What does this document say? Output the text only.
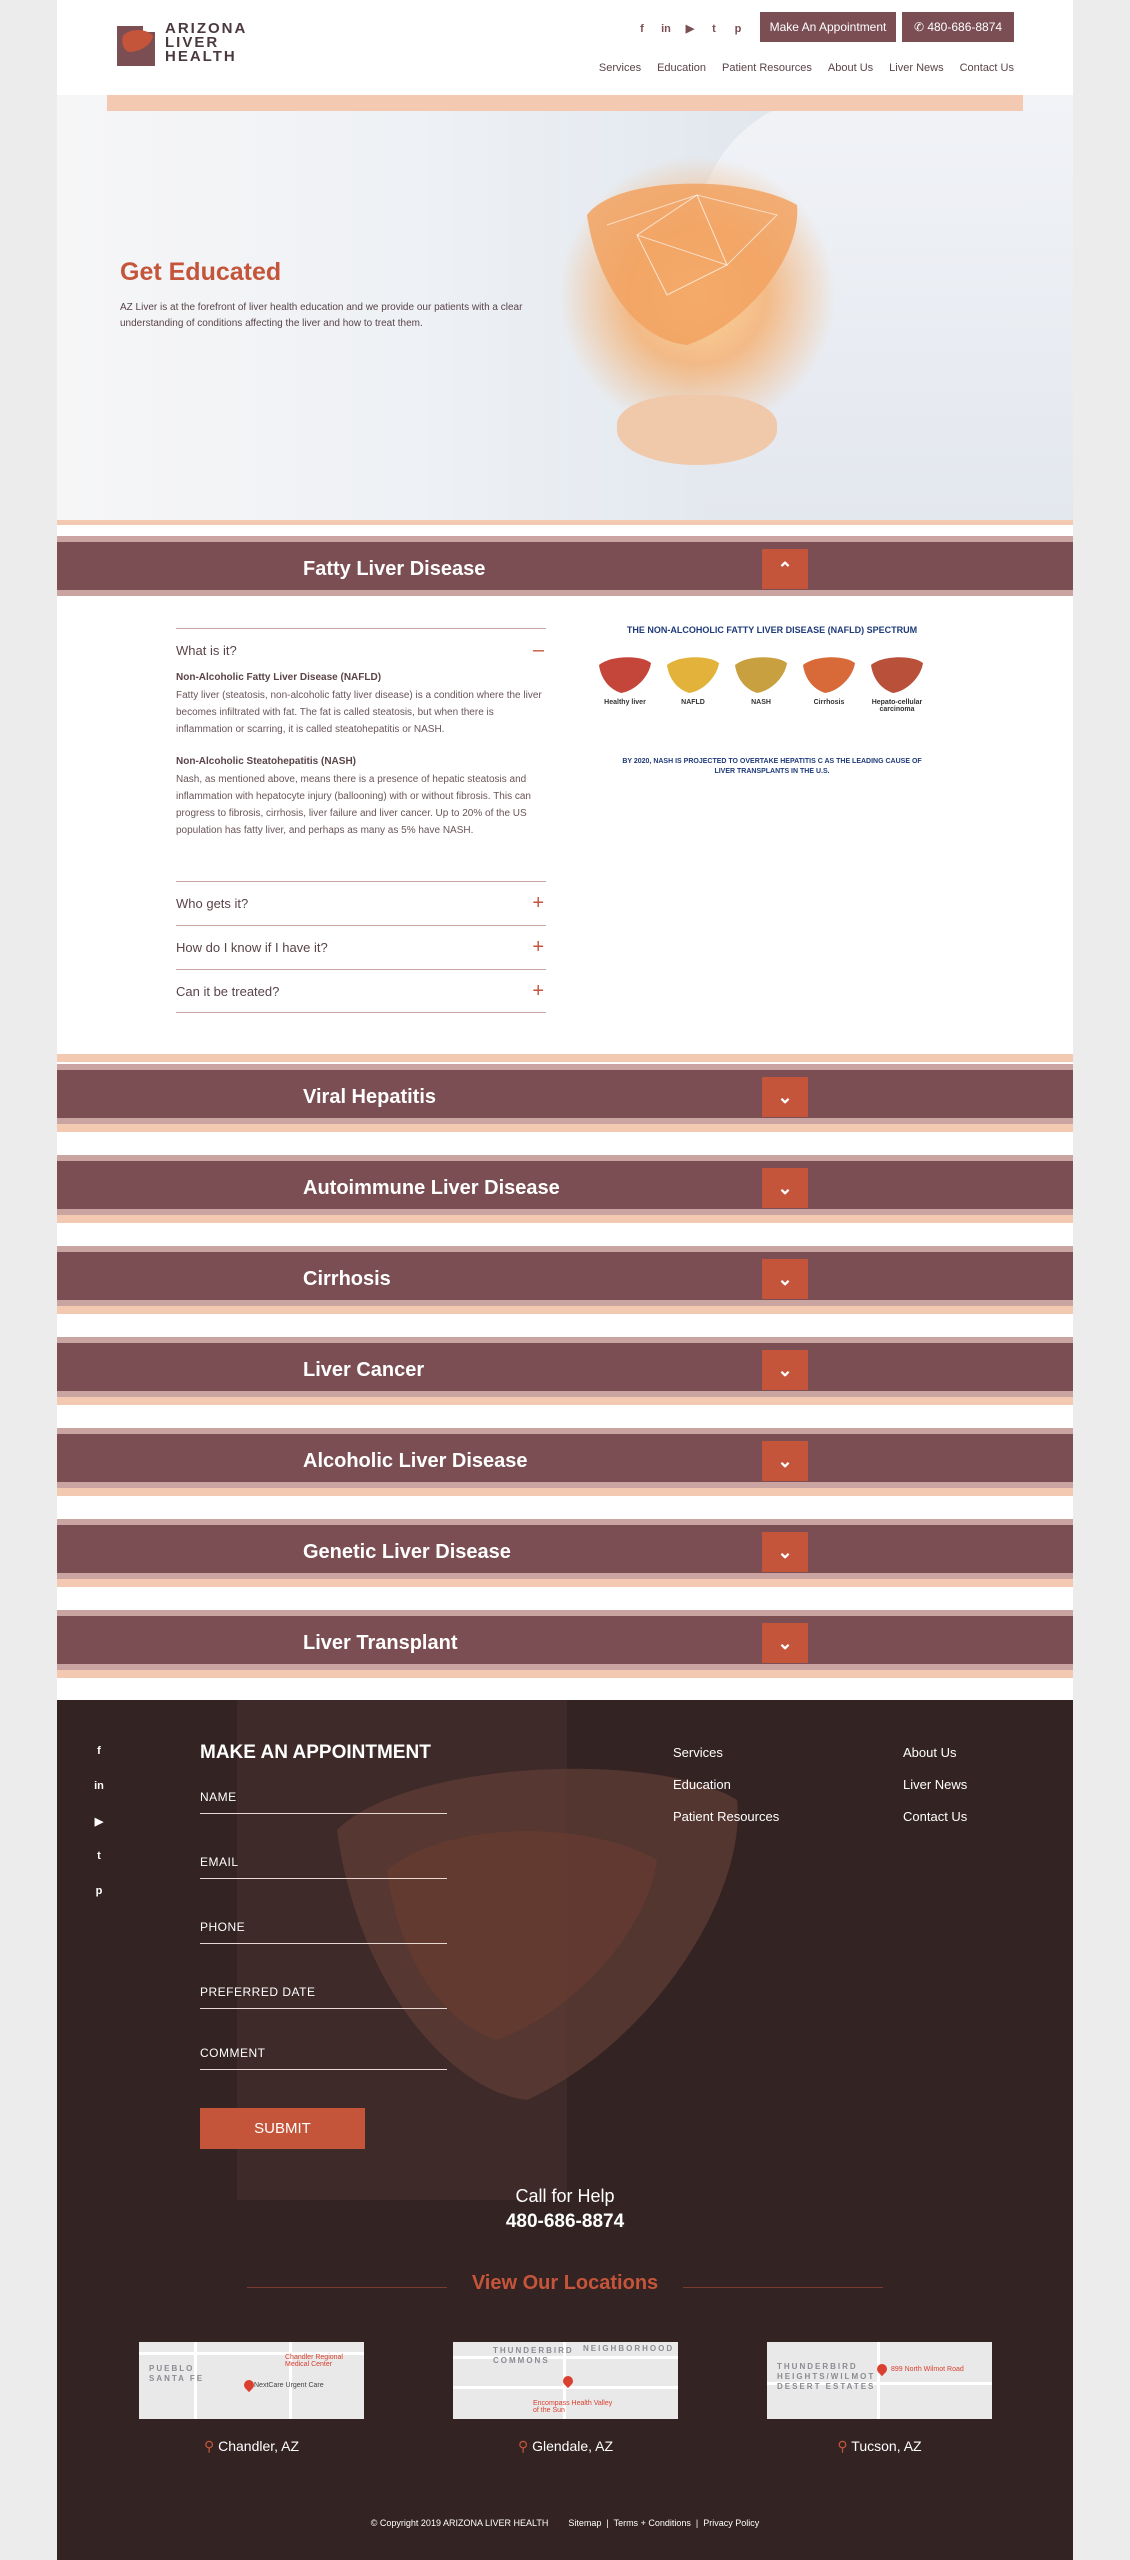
ARIZONA
LIVER
HEALTH
f	in ▶	t	p	Make An Appointment	✆ 480-686-8874
Services Education Patient Resources About Us Liver News Contact Us
Get Educated
AZ Liver is at the forefront of liver health education and we provide our patients with a clear understanding of conditions affecting the liver and how to treat them.
Fatty Liver Disease	⌃
What is it?	–
Non-Alcoholic Fatty Liver Disease (NAFLD)
Fatty liver (steatosis, non-alcoholic fatty liver disease) is a condition where the liver becomes infiltrated with fat. The fat is called steatosis, but when there is inflammation or scarring, it is called steatohepatitis or NASH.
Non-Alcoholic Steatohepatitis (NASH)
Nash, as mentioned above, means there is a presence of hepatic steatosis and inflammation with hepatocyte injury (ballooning) with or without fibrosis. This can progress to fibrosis, cirrhosis, liver failure and liver cancer. Up to 20% of the US population has fatty liver, and perhaps as many as 5% have NASH.
Who gets it?	+
How do I know if I have it?	+
Can it be treated?	+
THE NON-ALCOHOLIC FATTY LIVER DISEASE (NAFLD) SPECTRUM
Healthy liver	NAFLD	NASH	Cirrhosis	Hepato-cellular carcinoma
BY 2020, NASH IS PROJECTED TO OVERTAKE HEPATITIS C AS THE LEADING CAUSE OF LIVER TRANSPLANTS IN THE U.S.
Viral Hepatitis	⌄
Autoimmune Liver Disease	⌄
Cirrhosis	⌄
Liver Cancer	⌄
Alcoholic Liver Disease	⌄
Genetic Liver Disease	⌄
Liver Transplant	⌄
f
in
▶
t
p
MAKE AN APPOINTMENT
NAME
EMAIL
PHONE
PREFERRED DATE
COMMENT
SUBMIT
Services
Education
Patient Resources
About Us
Liver News
Contact Us
Call for Help
480-686-8874
View Our Locations
PUEBLO SANTA FE
Chandler Regional Medical Center
NextCare Urgent Care
THUNDERBIRD COMMONS
NEIGHBORHOOD
Encompass Health Valley of the Sun
THUNDERBIRD HEIGHTS/WILMOT DESERT ESTATES
899 North Wilmot Road
⚲ Chandler, AZ	⚲ Glendale, AZ	⚲ Tucson, AZ
© Copyright 2019 ARIZONA LIVER HEALTH Sitemap  |  Terms + Conditions  |  Privacy Policy
